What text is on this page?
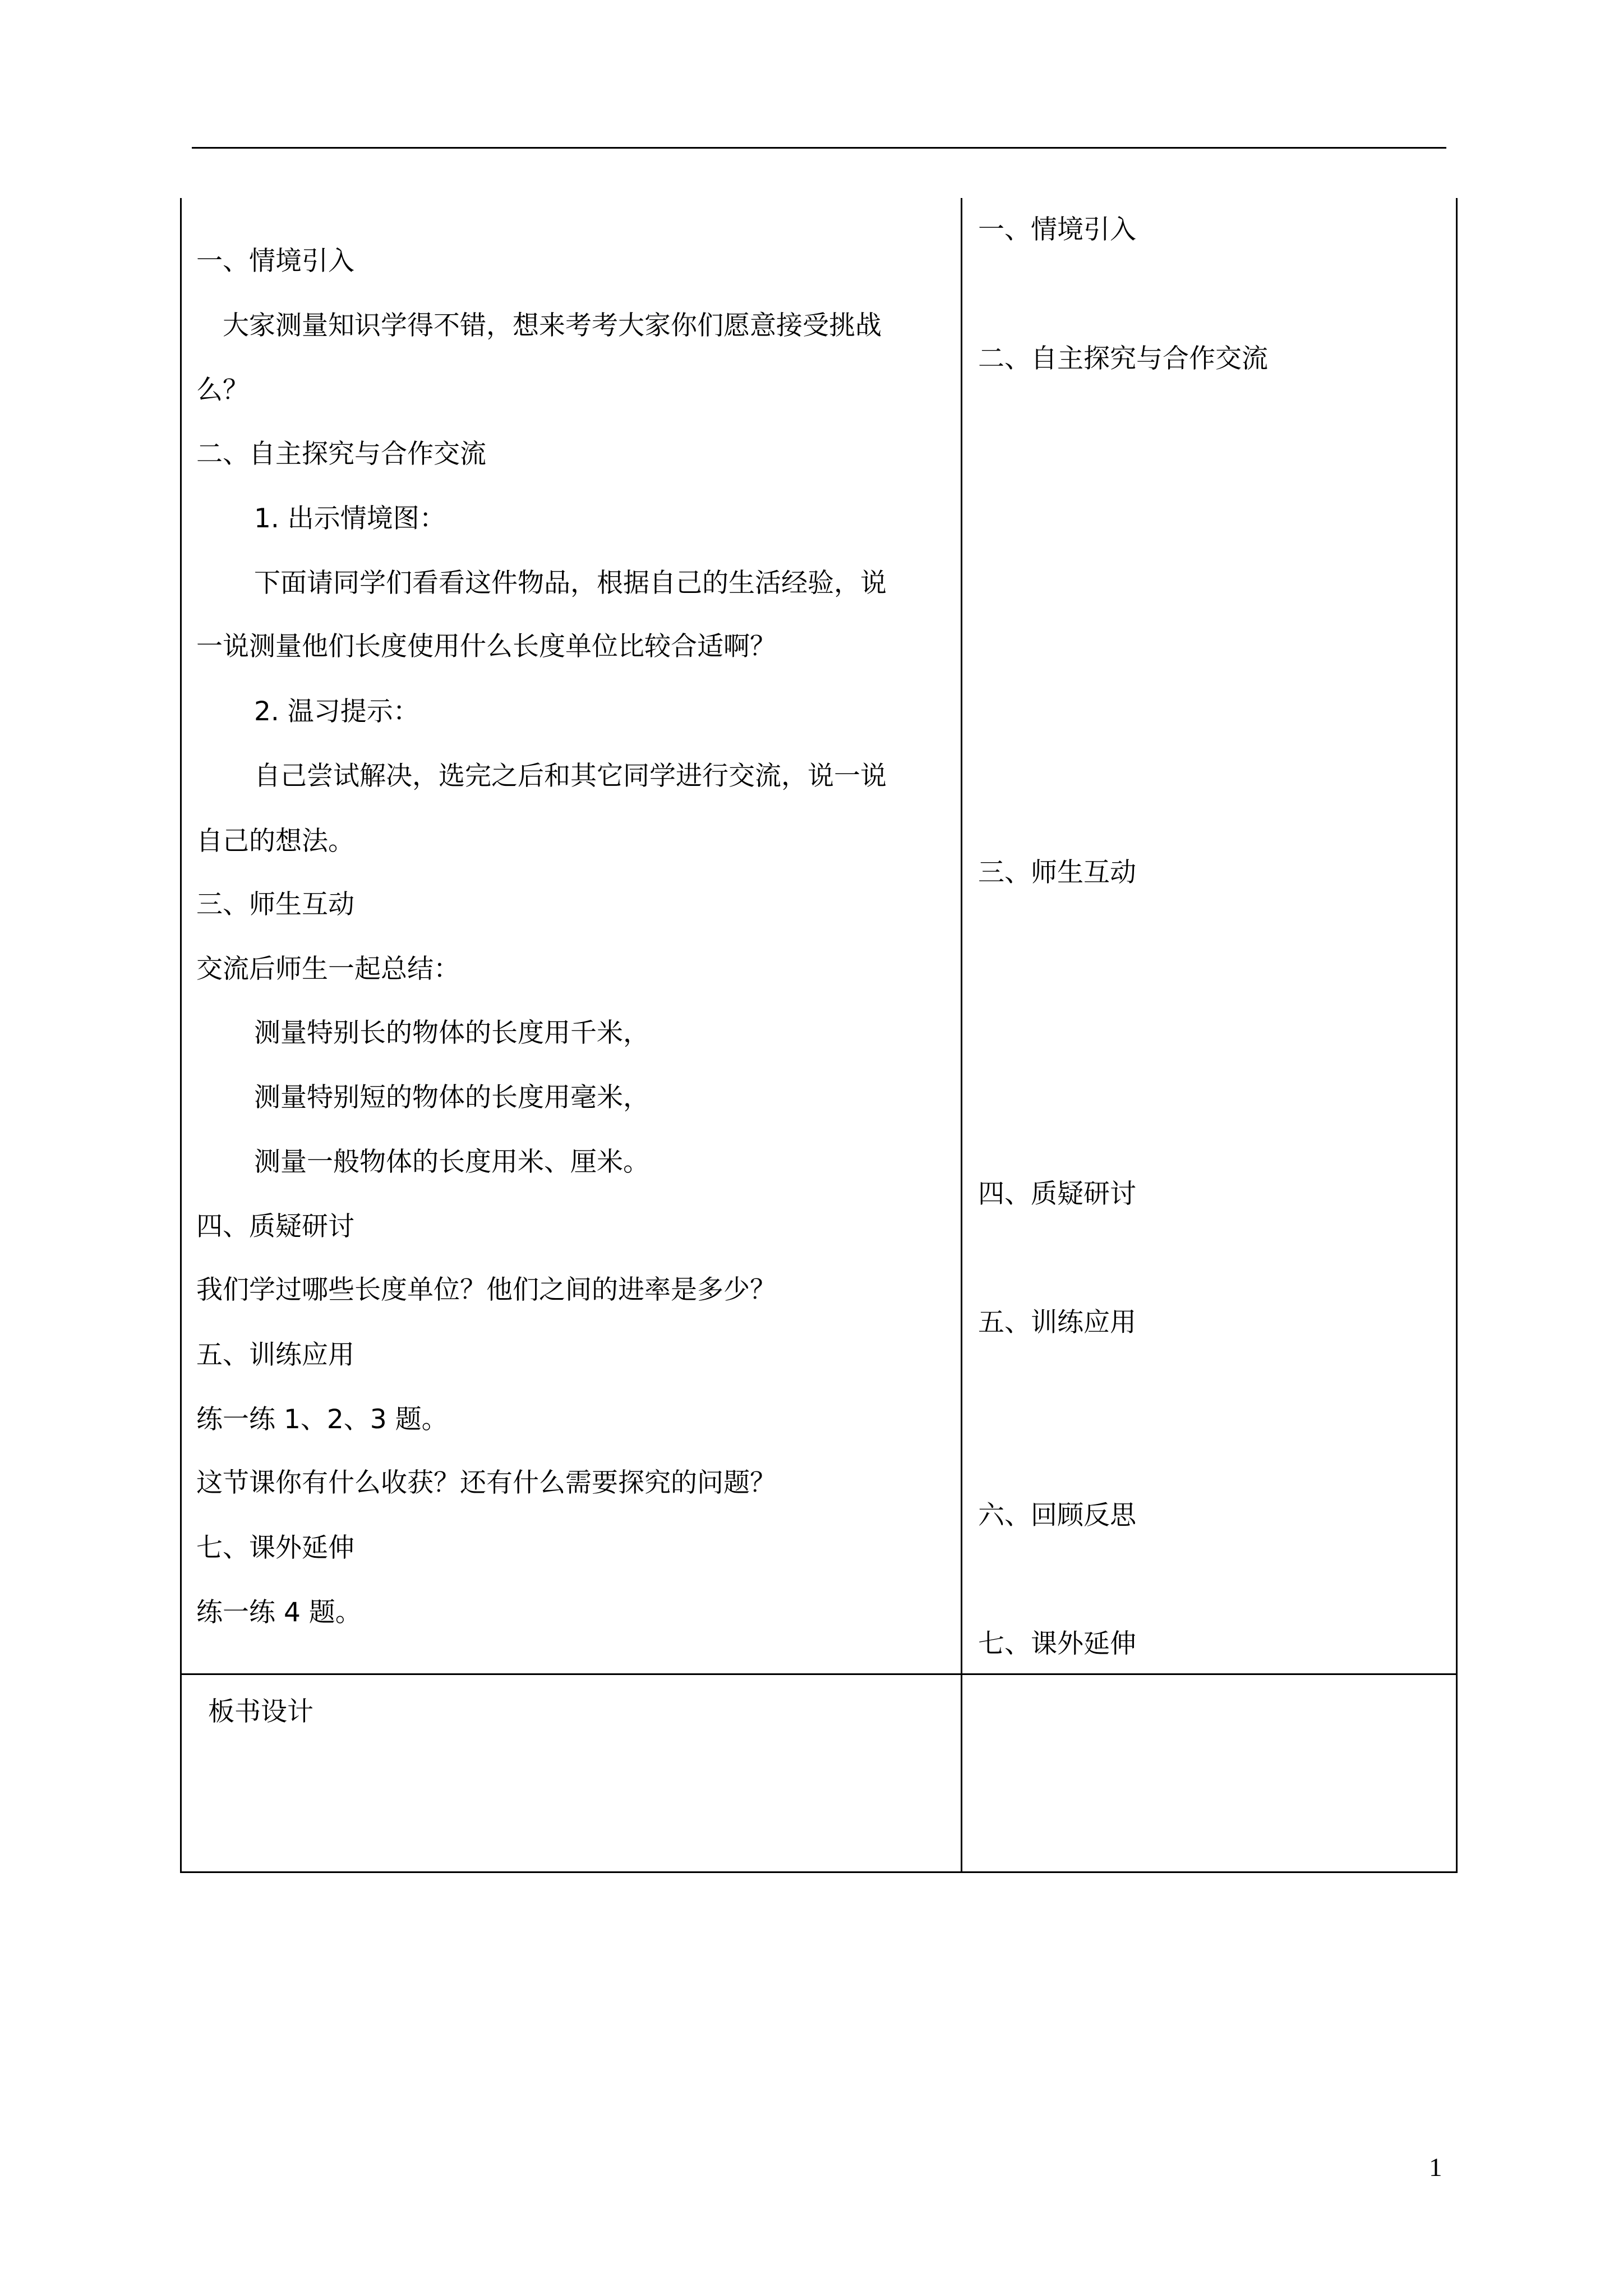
一、情境引入
大家测量知识学得不错，想来考考大家你们愿意接受挑战
么？
二、自主探究与合作交流
1. 出示情境图：
下面请同学们看看这件物品，根据自己的生活经验，说
一说测量他们长度使用什么长度单位比较合适啊？
2. 温习提示：
自己尝试解决，选完之后和其它同学进行交流，说一说
自己的想法。
三、师生互动
交流后师生一起总结：
测量特别长的物体的长度用千米，
测量特别短的物体的长度用毫米，
测量一般物体的长度用米、厘米。
四、质疑研讨
我们学过哪些长度单位？他们之间的进率是多少？
五、训练应用
练一练 1、2、3 题。
这节课你有什么收获？还有什么需要探究的问题？
七、课外延伸
练一练 4 题。
一、情境引入
二、自主探究与合作交流
三、师生互动
四、质疑研讨
五、训练应用
六、回顾反思
七、课外延伸
板书设计
1
